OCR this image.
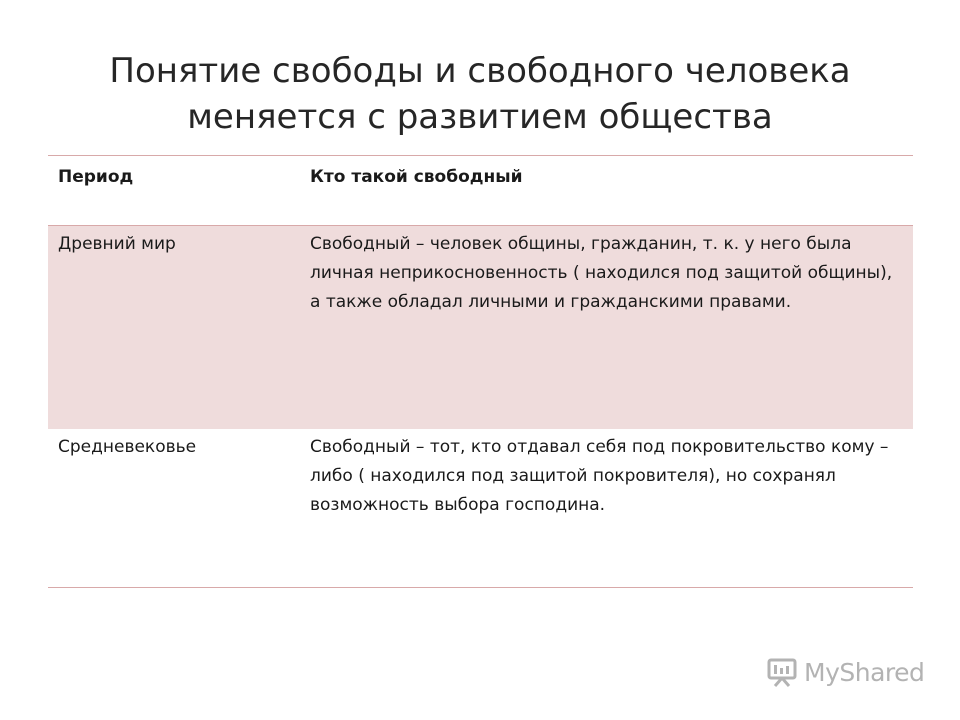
Понятие свободы и свободного человека меняется с развитием общества
Период	Кто такой свободный
Древний мир	Свободный – человек общины, гражданин, т. к. у него была личная неприкосновенность ( находился под защитой общины), а также обладал личными и гражданскими правами.
Средневековье	Свободный – тот, кто отдавал себя под покровительство кому – либо ( находился под защитой покровителя), но сохранял возможность выбора господина.
MyShared
